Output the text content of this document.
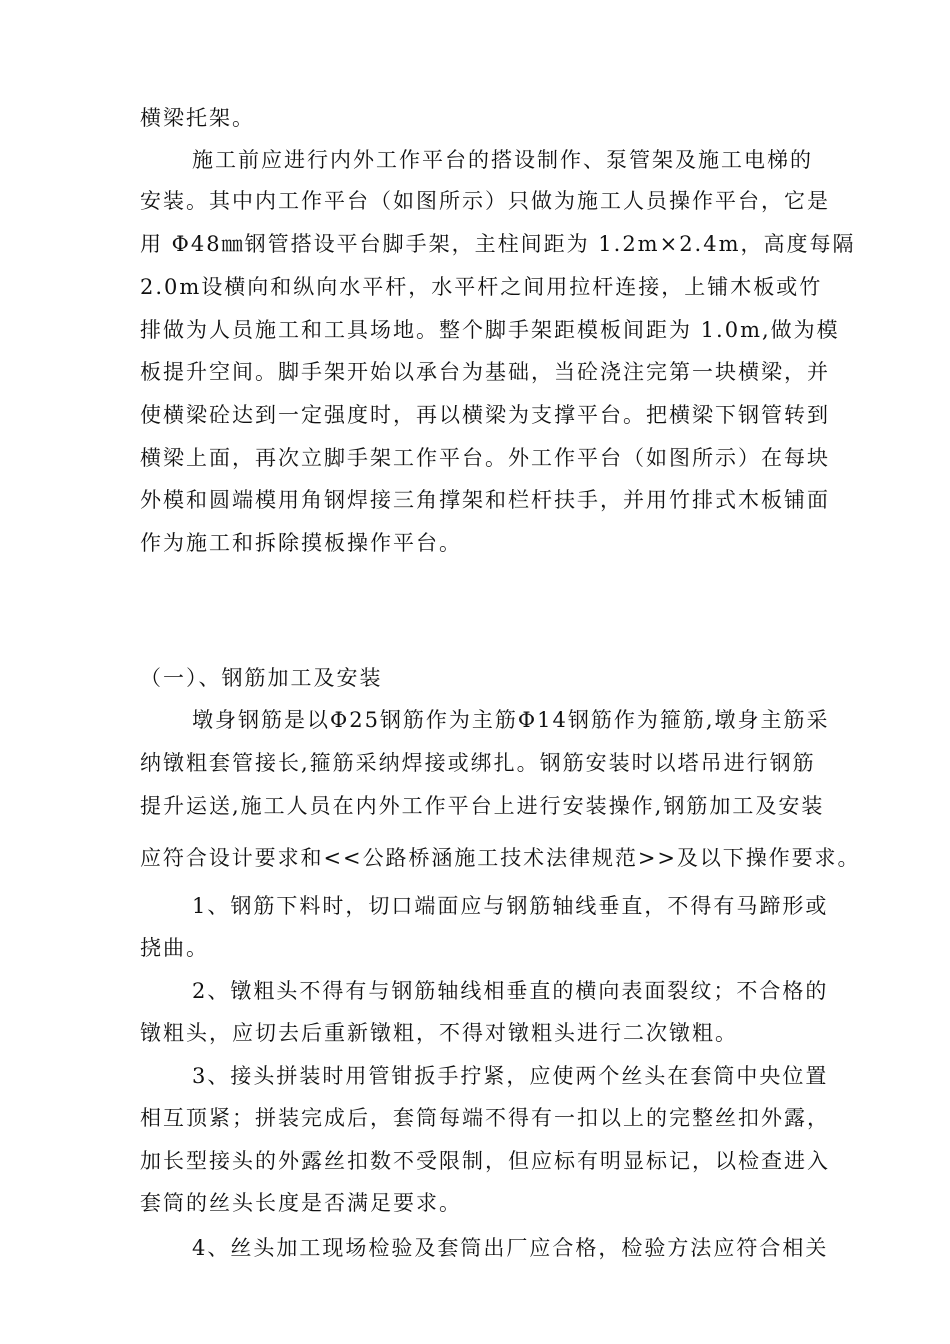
横梁托架。
施工前应进行内外工作平台的搭设制作、泵管架及施工电梯的
安装。其中内工作平台（如图所示）只做为施工人员操作平台，它是
用 Φ48㎜钢管搭设平台脚手架，主柱间距为 1.2m×2.4m，高度每隔
2.0m设横向和纵向水平杆，水平杆之间用拉杆连接，上铺木板或竹
排做为人员施工和工具场地。整个脚手架距模板间距为 1.0m,做为模
板提升空间。脚手架开始以承台为基础，当砼浇注完第一块横梁，并
使横梁砼达到一定强度时，再以横梁为支撑平台。把横梁下钢管转到
横梁上面，再次立脚手架工作平台。外工作平台（如图所示）在每块
外模和圆端模用角钢焊接三角撑架和栏杆扶手，并用竹排式木板铺面
作为施工和拆除摸板操作平台。
（一）、钢筋加工及安装
墩身钢筋是以Φ25钢筋作为主筋Φ14钢筋作为箍筋,墩身主筋采
纳镦粗套管接长,箍筋采纳焊接或绑扎。钢筋安装时以塔吊进行钢筋
提升运送,施工人员在内外工作平台上进行安装操作,钢筋加工及安装
应符合设计要求和<<公路桥涵施工技术法律规范>>及以下操作要求。
1、钢筋下料时，切口端面应与钢筋轴线垂直，不得有马蹄形或
挠曲。
2、镦粗头不得有与钢筋轴线相垂直的横向表面裂纹；不合格的
镦粗头，应切去后重新镦粗，不得对镦粗头进行二次镦粗。
3、接头拼装时用管钳扳手拧紧，应使两个丝头在套筒中央位置
相互顶紧；拼装完成后，套筒每端不得有一扣以上的完整丝扣外露，
加长型接头的外露丝扣数不受限制，但应标有明显标记，以检查进入
套筒的丝头长度是否满足要求。
4、丝头加工现场检验及套筒出厂应合格，检验方法应符合相关
